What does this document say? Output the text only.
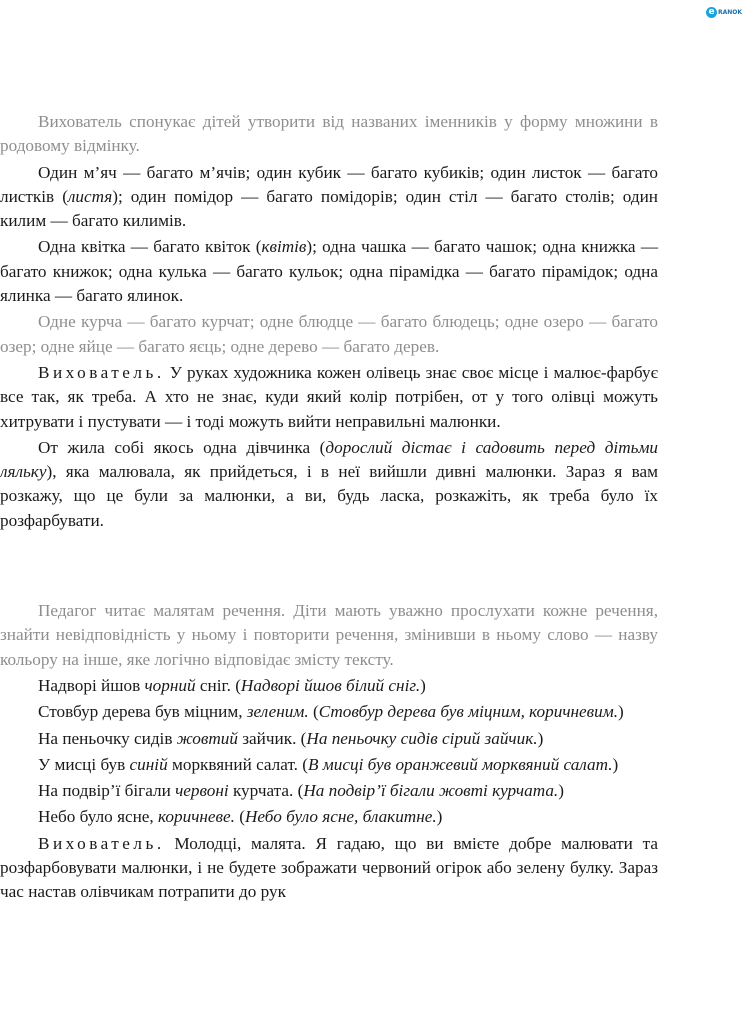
e RANOK

Вихователь спонукає дітей утворити від названих іменників у форму множини в родовому відмінку.

Один м’яч — багато м’ячів; один кубик — багато кубиків; один листок — багато листків (листя); один помідор — багато помідорів; один стіл — багато столів; один килим — багато килимів.

Одна квітка — багато квіток (квітів); одна чашка — багато чашок; одна книжка — багато книжок; одна кулька — багато кульок; одна пірамідка — багато пірамідок; одна ялинка — багато ялинок.

Одне курча — багато курчат; одне блюдце — багато блюдець; одне озеро — багато озер; одне яйце — багато яєць; одне дерево — багато дерев.

Вихователь. У руках художника кожен олівець знає своє місце і малює-фарбує все так, як треба. А хто не знає, куди який колір потрібен, от у того олівці можуть хитрувати і пустувати — і тоді можуть вийти неправильні малюнки.

От жила собі якось одна дівчинка (дорослий дістає і садовить перед дітьми ляльку), яка малювала, як прийдеться, і в неї вийшли дивні малюнки. Зараз я вам розкажу, що це були за малюнки, а ви, будь ласка, розкажіть, як треба було їх розфарбувати.

Педагог читає малятам речення. Діти мають уважно прослухати кожне речення, знайти невідповідність у ньому і повторити речення, змінивши в ньому слово — назву кольору на інше, яке логічно відповідає змісту тексту.

Надворі йшов чорний сніг. (Надворі йшов білий сніг.)

Стовбур дерева був міцним, зеленим. (Стовбур дерева був міцним, коричневим.)

На пеньочку сидів жовтий зайчик. (На пеньочку сидів сірий зайчик.)

У мисці був синій морквяний салат. (В мисці був оранжевий морквяний салат.)

На подвір’ї бігали червоні курчата. (На подвір’ї бігали жовті курчата.)

Небо було ясне, коричневе. (Небо було ясне, блакитне.)

Вихователь. Молодці, малята. Я гадаю, що ви вмієте добре малювати та розфарбовувати малюнки, і не будете зображати червоний огірок або зелену булку. Зараз час настав олівчикам потрапити до рук
